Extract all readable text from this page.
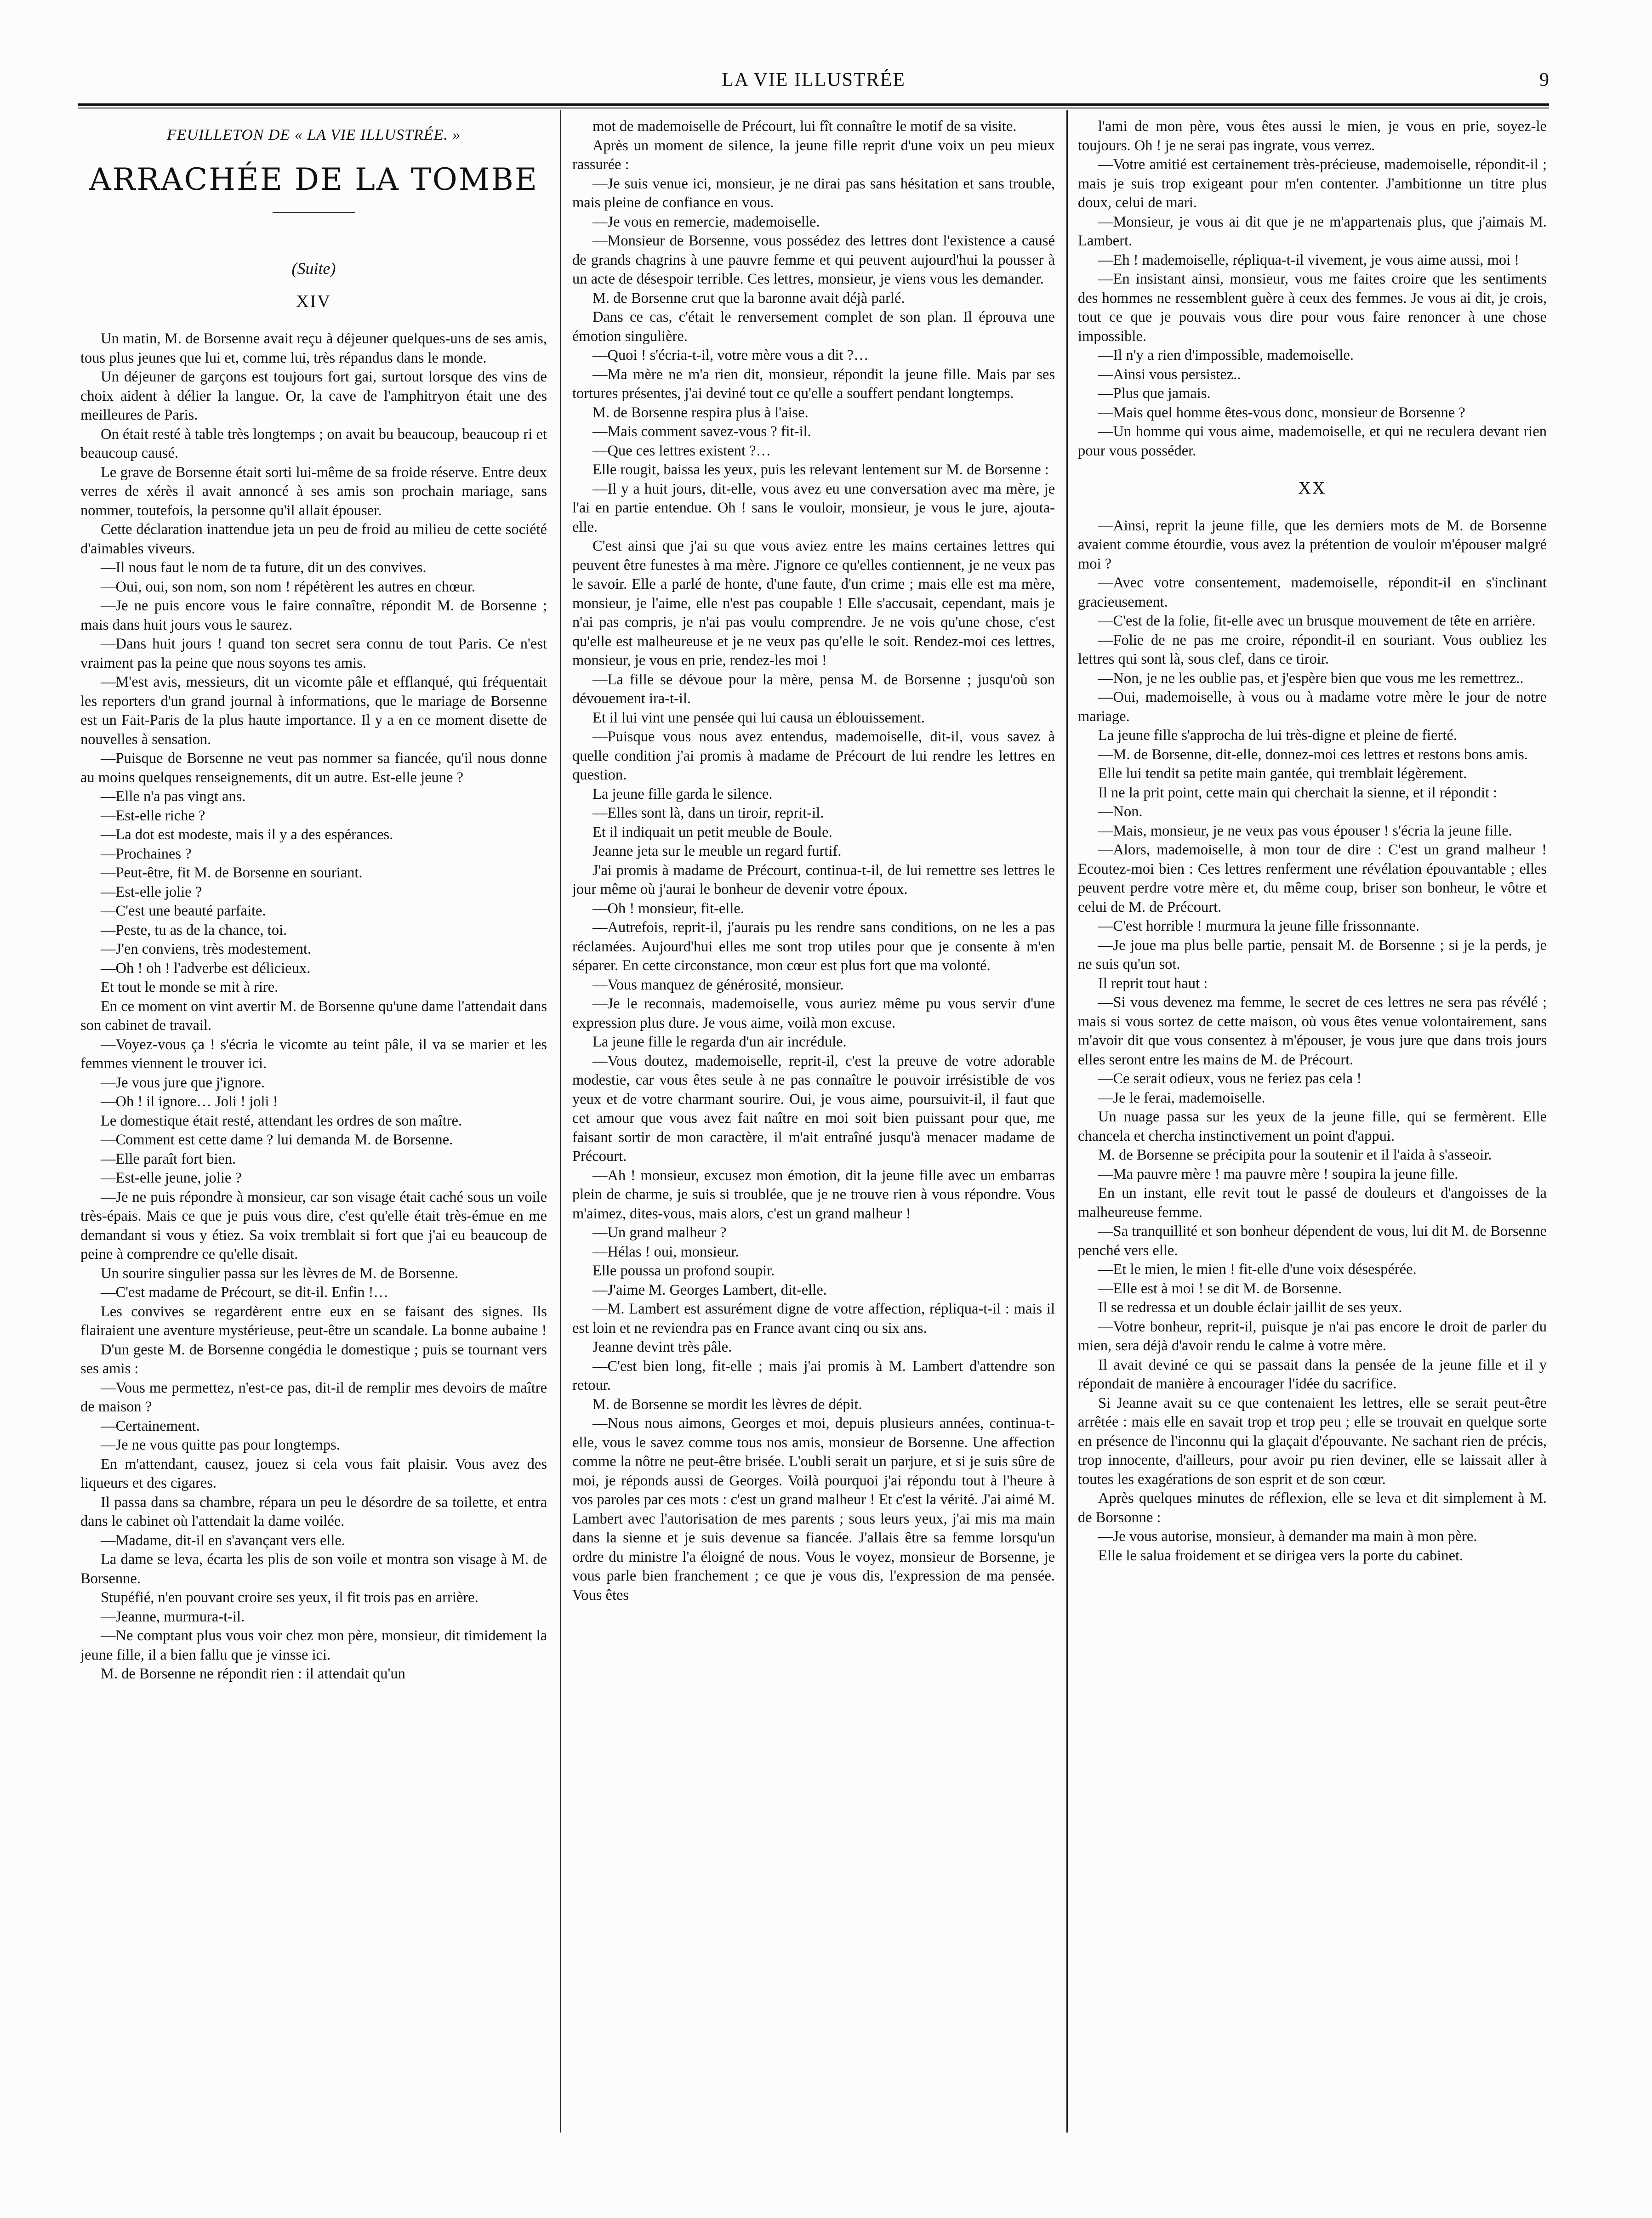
LA VIE ILLUSTRÉE	9
FEUILLETON DE « LA VIE ILLUSTRÉE. »
ARRACHÉE DE LA TOMBE
(Suite)
XIV

Un matin, M. de Borsenne avait reçu à déjeuner quelques-uns de ses amis, tous plus jeunes que lui et, comme lui, très répandus dans le monde.

Un déjeuner de garçons est toujours fort gai, surtout lorsque des vins de choix aident à délier la langue. Or, la cave de l'amphitryon était une des meilleures de Paris.

On était resté à table très longtemps ; on avait bu beaucoup, beaucoup ri et beaucoup causé.

Le grave de Borsenne était sorti lui-même de sa froide réserve. Entre deux verres de xérès il avait annoncé à ses amis son prochain mariage, sans nommer, toutefois, la personne qu'il allait épouser.

Cette déclaration inattendue jeta un peu de froid au milieu de cette société d'aimables viveurs.

—Il nous faut le nom de ta future, dit un des convives.

—Oui, oui, son nom, son nom ! répétèrent les autres en chœur.

—Je ne puis encore vous le faire connaître, répondit M. de Borsenne ; mais dans huit jours vous le saurez.

—Dans huit jours ! quand ton secret sera connu de tout Paris. Ce n'est vraiment pas la peine que nous soyons tes amis.

—M'est avis, messieurs, dit un vicomte pâle et efflanqué, qui fréquentait les reporters d'un grand journal à informations, que le mariage de Borsenne est un Fait-Paris de la plus haute importance. Il y a en ce moment disette de nouvelles à sensation.

—Puisque de Borsenne ne veut pas nommer sa fiancée, qu'il nous donne au moins quelques renseignements, dit un autre. Est-elle jeune ?

—Elle n'a pas vingt ans.

—Est-elle riche ?

—La dot est modeste, mais il y a des espérances.

—Prochaines ?

—Peut-être, fit M. de Borsenne en souriant.

—Est-elle jolie ?

—C'est une beauté parfaite.

—Peste, tu as de la chance, toi.

—J'en conviens, très modestement.

—Oh ! oh ! l'adverbe est délicieux.

Et tout le monde se mit à rire.

En ce moment on vint avertir M. de Borsenne qu'une dame l'attendait dans son cabinet de travail.

—Voyez-vous ça ! s'écria le vicomte au teint pâle, il va se marier et les femmes viennent le trouver ici.

—Je vous jure que j'ignore.

—Oh ! il ignore… Joli ! joli !

Le domestique était resté, attendant les ordres de son maître.

—Comment est cette dame ? lui demanda M. de Borsenne.

—Elle paraît fort bien.

—Est-elle jeune, jolie ?

—Je ne puis répondre à monsieur, car son visage était caché sous un voile très-épais. Mais ce que je puis vous dire, c'est qu'elle était très-émue en me demandant si vous y étiez. Sa voix tremblait si fort que j'ai eu beaucoup de peine à comprendre ce qu'elle disait.

Un sourire singulier passa sur les lèvres de M. de Borsenne.

—C'est madame de Précourt, se dit-il. Enfin !…

Les convives se regardèrent entre eux en se faisant des signes. Ils flairaient une aventure mystérieuse, peut-être un scandale. La bonne aubaine !

D'un geste M. de Borsenne congédia le domestique ; puis se tournant vers ses amis :

—Vous me permettez, n'est-ce pas, dit-il de remplir mes devoirs de maître de maison ?

—Certainement.

—Je ne vous quitte pas pour longtemps.

En m'attendant, causez, jouez si cela vous fait plaisir. Vous avez des liqueurs et des cigares.

Il passa dans sa chambre, répara un peu le désordre de sa toilette, et entra dans le cabinet où l'attendait la dame voilée.

—Madame, dit-il en s'avançant vers elle.

La dame se leva, écarta les plis de son voile et montra son visage à M. de Borsenne.

Stupéfié, n'en pouvant croire ses yeux, il fit trois pas en arrière.

—Jeanne, murmura-t-il.

—Ne comptant plus vous voir chez mon père, monsieur, dit timidement la jeune fille, il a bien fallu que je vinsse ici.

M. de Borsenne ne répondit rien : il attendait qu'un

mot de mademoiselle de Précourt, lui fît connaître le motif de sa visite.

Après un moment de silence, la jeune fille reprit d'une voix un peu mieux rassurée :

—Je suis venue ici, monsieur, je ne dirai pas sans hésitation et sans trouble, mais pleine de confiance en vous.

—Je vous en remercie, mademoiselle.

—Monsieur de Borsenne, vous possédez des lettres dont l'existence a causé de grands chagrins à une pauvre femme et qui peuvent aujourd'hui la pousser à un acte de désespoir terrible. Ces lettres, monsieur, je viens vous les demander.

M. de Borsenne crut que la baronne avait déjà parlé.

Dans ce cas, c'était le renversement complet de son plan. Il éprouva une émotion singulière.

—Quoi ! s'écria-t-il, votre mère vous a dit ?…

—Ma mère ne m'a rien dit, monsieur, répondit la jeune fille. Mais par ses tortures présentes, j'ai deviné tout ce qu'elle a souffert pendant longtemps.

M. de Borsenne respira plus à l'aise.

—Mais comment savez-vous ? fit-il.

—Que ces lettres existent ?…

Elle rougit, baissa les yeux, puis les relevant lentement sur M. de Borsenne :

—Il y a huit jours, dit-elle, vous avez eu une conversation avec ma mère, je l'ai en partie entendue. Oh ! sans le vouloir, monsieur, je vous le jure, ajouta-elle.

C'est ainsi que j'ai su que vous aviez entre les mains certaines lettres qui peuvent être funestes à ma mère. J'ignore ce qu'elles contiennent, je ne veux pas le savoir. Elle a parlé de honte, d'une faute, d'un crime ; mais elle est ma mère, monsieur, je l'aime, elle n'est pas coupable ! Elle s'accusait, cependant, mais je n'ai pas compris, je n'ai pas voulu comprendre. Je ne vois qu'une chose, c'est qu'elle est malheureuse et je ne veux pas qu'elle le soit. Rendez-moi ces lettres, monsieur, je vous en prie, rendez-les moi !

—La fille se dévoue pour la mère, pensa M. de Borsenne ; jusqu'où son dévouement ira-t-il.

Et il lui vint une pensée qui lui causa un éblouissement.

—Puisque vous nous avez entendus, mademoiselle, dit-il, vous savez à quelle condition j'ai promis à madame de Précourt de lui rendre les lettres en question.

La jeune fille garda le silence.

—Elles sont là, dans un tiroir, reprit-il.

Et il indiquait un petit meuble de Boule.

Jeanne jeta sur le meuble un regard furtif.

J'ai promis à madame de Précourt, continua-t-il, de lui remettre ses lettres le jour même où j'aurai le bonheur de devenir votre époux.

—Oh ! monsieur, fit-elle.

—Autrefois, reprit-il, j'aurais pu les rendre sans conditions, on ne les a pas réclamées. Aujourd'hui elles me sont trop utiles pour que je consente à m'en séparer. En cette circonstance, mon cœur est plus fort que ma volonté.

—Vous manquez de générosité, monsieur.

—Je le reconnais, mademoiselle, vous auriez même pu vous servir d'une expression plus dure. Je vous aime, voilà mon excuse.

La jeune fille le regarda d'un air incrédule.

—Vous doutez, mademoiselle, reprit-il, c'est la preuve de votre adorable modestie, car vous êtes seule à ne pas connaître le pouvoir irrésistible de vos yeux et de votre charmant sourire. Oui, je vous aime, poursuivit-il, il faut que cet amour que vous avez fait naître en moi soit bien puissant pour que, me faisant sortir de mon caractère, il m'ait entraîné jusqu'à menacer madame de Précourt.

—Ah ! monsieur, excusez mon émotion, dit la jeune fille avec un embarras plein de charme, je suis si troublée, que je ne trouve rien à vous répondre. Vous m'aimez, dites-vous, mais alors, c'est un grand malheur !

—Un grand malheur ?

—Hélas ! oui, monsieur.

Elle poussa un profond soupir.

—J'aime M. Georges Lambert, dit-elle.

—M. Lambert est assurément digne de votre affection, répliqua-t-il : mais il est loin et ne reviendra pas en France avant cinq ou six ans.

Jeanne devint très pâle.

—C'est bien long, fit-elle ; mais j'ai promis à M. Lambert d'attendre son retour.

M. de Borsenne se mordit les lèvres de dépit.

—Nous nous aimons, Georges et moi, depuis plusieurs années, continua-t-elle, vous le savez comme tous nos amis, monsieur de Borsenne. Une affection comme la nôtre ne peut-être brisée. L'oubli serait un parjure, et si je suis sûre de moi, je réponds aussi de Georges. Voilà pourquoi j'ai répondu tout à l'heure à vos paroles par ces mots : c'est un grand malheur ! Et c'est la vérité. J'ai aimé M. Lambert avec l'autorisation de mes parents ; sous leurs yeux, j'ai mis ma main dans la sienne et je suis devenue sa fiancée. J'allais être sa femme lorsqu'un ordre du ministre l'a éloigné de nous. Vous le voyez, monsieur de Borsenne, je vous parle bien franchement ; ce que je vous dis, l'expression de ma pensée. Vous êtes

l'ami de mon père, vous êtes aussi le mien, je vous en prie, soyez-le toujours. Oh ! je ne serai pas ingrate, vous verrez.

—Votre amitié est certainement très-précieuse, mademoiselle, répondit-il ; mais je suis trop exigeant pour m'en contenter. J'ambitionne un titre plus doux, celui de mari.

—Monsieur, je vous ai dit que je ne m'appartenais plus, que j'aimais M. Lambert.

—Eh ! mademoiselle, répliqua-t-il vivement, je vous aime aussi, moi !

—En insistant ainsi, monsieur, vous me faites croire que les sentiments des hommes ne ressemblent guère à ceux des femmes. Je vous ai dit, je crois, tout ce que je pouvais vous dire pour vous faire renoncer à une chose impossible.

—Il n'y a rien d'impossible, mademoiselle.

—Ainsi vous persistez..

—Plus que jamais.

—Mais quel homme êtes-vous donc, monsieur de Borsenne ?

—Un homme qui vous aime, mademoiselle, et qui ne reculera devant rien pour vous posséder.

XX

—Ainsi, reprit la jeune fille, que les derniers mots de M. de Borsenne avaient comme étourdie, vous avez la prétention de vouloir m'épouser malgré moi ?

—Avec votre consentement, mademoiselle, répondit-il en s'inclinant gracieusement.

—C'est de la folie, fit-elle avec un brusque mouvement de tête en arrière.

—Folie de ne pas me croire, répondit-il en souriant. Vous oubliez les lettres qui sont là, sous clef, dans ce tiroir.

—Non, je ne les oublie pas, et j'espère bien que vous me les remettrez..

—Oui, mademoiselle, à vous ou à madame votre mère le jour de notre mariage.

La jeune fille s'approcha de lui très-digne et pleine de fierté.

—M. de Borsenne, dit-elle, donnez-moi ces lettres et restons bons amis.

Elle lui tendit sa petite main gantée, qui tremblait légèrement.

Il ne la prit point, cette main qui cherchait la sienne, et il répondit :

—Non.

—Mais, monsieur, je ne veux pas vous épouser ! s'écria la jeune fille.

—Alors, mademoiselle, à mon tour de dire : C'est un grand malheur ! Ecoutez-moi bien : Ces lettres renferment une révélation épouvantable ; elles peuvent perdre votre mère et, du même coup, briser son bonheur, le vôtre et celui de M. de Précourt.

—C'est horrible ! murmura la jeune fille frissonnante.

—Je joue ma plus belle partie, pensait M. de Borsenne ; si je la perds, je ne suis qu'un sot.

Il reprit tout haut :

—Si vous devenez ma femme, le secret de ces lettres ne sera pas révélé ; mais si vous sortez de cette maison, où vous êtes venue volontairement, sans m'avoir dit que vous consentez à m'épouser, je vous jure que dans trois jours elles seront entre les mains de M. de Précourt.

—Ce serait odieux, vous ne feriez pas cela !

—Je le ferai, mademoiselle.

Un nuage passa sur les yeux de la jeune fille, qui se fermèrent. Elle chancela et chercha instinctivement un point d'appui.

M. de Borsenne se précipita pour la soutenir et il l'aida à s'asseoir.

—Ma pauvre mère ! ma pauvre mère ! soupira la jeune fille.

En un instant, elle revit tout le passé de douleurs et d'angoisses de la malheureuse femme.

—Sa tranquillité et son bonheur dépendent de vous, lui dit M. de Borsenne penché vers elle.

—Et le mien, le mien ! fit-elle d'une voix désespérée.

—Elle est à moi ! se dit M. de Borsenne.

Il se redressa et un double éclair jaillit de ses yeux.

—Votre bonheur, reprit-il, puisque je n'ai pas encore le droit de parler du mien, sera déjà d'avoir rendu le calme à votre mère.

Il avait deviné ce qui se passait dans la pensée de la jeune fille et il y répondait de manière à encourager l'idée du sacrifice.

Si Jeanne avait su ce que contenaient les lettres, elle se serait peut-être arrêtée : mais elle en savait trop et trop peu ; elle se trouvait en quelque sorte en présence de l'inconnu qui la glaçait d'épouvante. Ne sachant rien de précis, trop innocente, d'ailleurs, pour avoir pu rien deviner, elle se laissait aller à toutes les exagérations de son esprit et de son cœur.

Après quelques minutes de réflexion, elle se leva et dit simplement à M. de Borsonne :

—Je vous autorise, monsieur, à demander ma main à mon père.

Elle le salua froidement et se dirigea vers la porte du cabinet.
